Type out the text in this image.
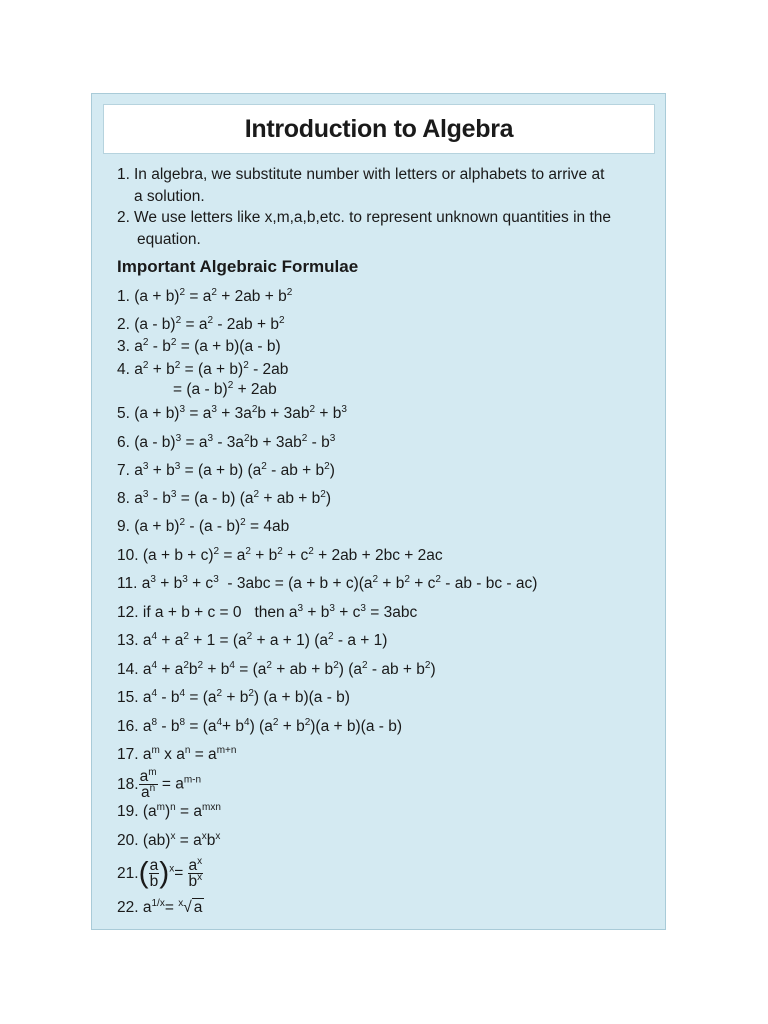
Introduction to Algebra
1. In algebra, we substitute number with letters or alphabets to arrive at
a solution.
2. We use letters like x,m,a,b,etc. to represent unknown quantities in the
equation.
Important Algebraic Formulae
1. $(a + b)^2 = a^2 + 2ab + b^2$
2. $(a - b)^2 = a^2 - 2ab + b^2$
3. $a^2 - b^2 = (a + b)(a - b)$
4. $a^2 + b^2 = (a + b)^2 - 2ab$
= (a - b)$^2$ + 2ab
5. $(a + b)^3 = a^3 + 3a^2b + 3ab^2 + b^3$
6. $(a - b)^3 = a^3 - 3a^2b + 3ab^2 - b^3$
7. $a^3 + b^3 = (a + b)$ ($a^2$ - ab + $b^2$)
8. $a^3 - b^3 = (a - b) (a^2$ + ab + $b^2$)
9. $(a + b)^2 - (a - b)^2 = 4ab$
10. $(a + b + c)^2 = a^2 + b^2 + c^2 + 2ab + 2bc + 2ac$
11. $a^3 + b^3 + c^3 - 3abc = (a + b + c)(a^2 + b^2 + c^2$ - ab - bc - ac)
12. if a + b + c = 0   then $a^3 + b^3 + c^3 = 3abc$
13. $a^4 + a^2 + 1 = (a^2 + a + 1)$ $(a^2 - a + 1)$
14. $a^4 + a^2b^2 + b^4 = (a^2$ + ab + $b^2$) ($a^2$ - ab + $b^2$)
15. $a^4 - b^4 = (a^2 + b^2) (a + b)(a - b)$
16. $a^8 - b^8 = (a^4+ b^4) (a^2 + b^2)(a + b)(a - b)$
17. $a^m$ x $a^n = a^{m+n}$
18. $\frac{a^m}{a^n} = a^{m-n}$
19. $(a^m)^n = a^{mxn}$
20. $(ab)^x = a^xb^x$
$21.( \frac{a}{b} )^x= \frac{a^x}{b^x}$
22. $a^{1/x}= ^x√$ a
